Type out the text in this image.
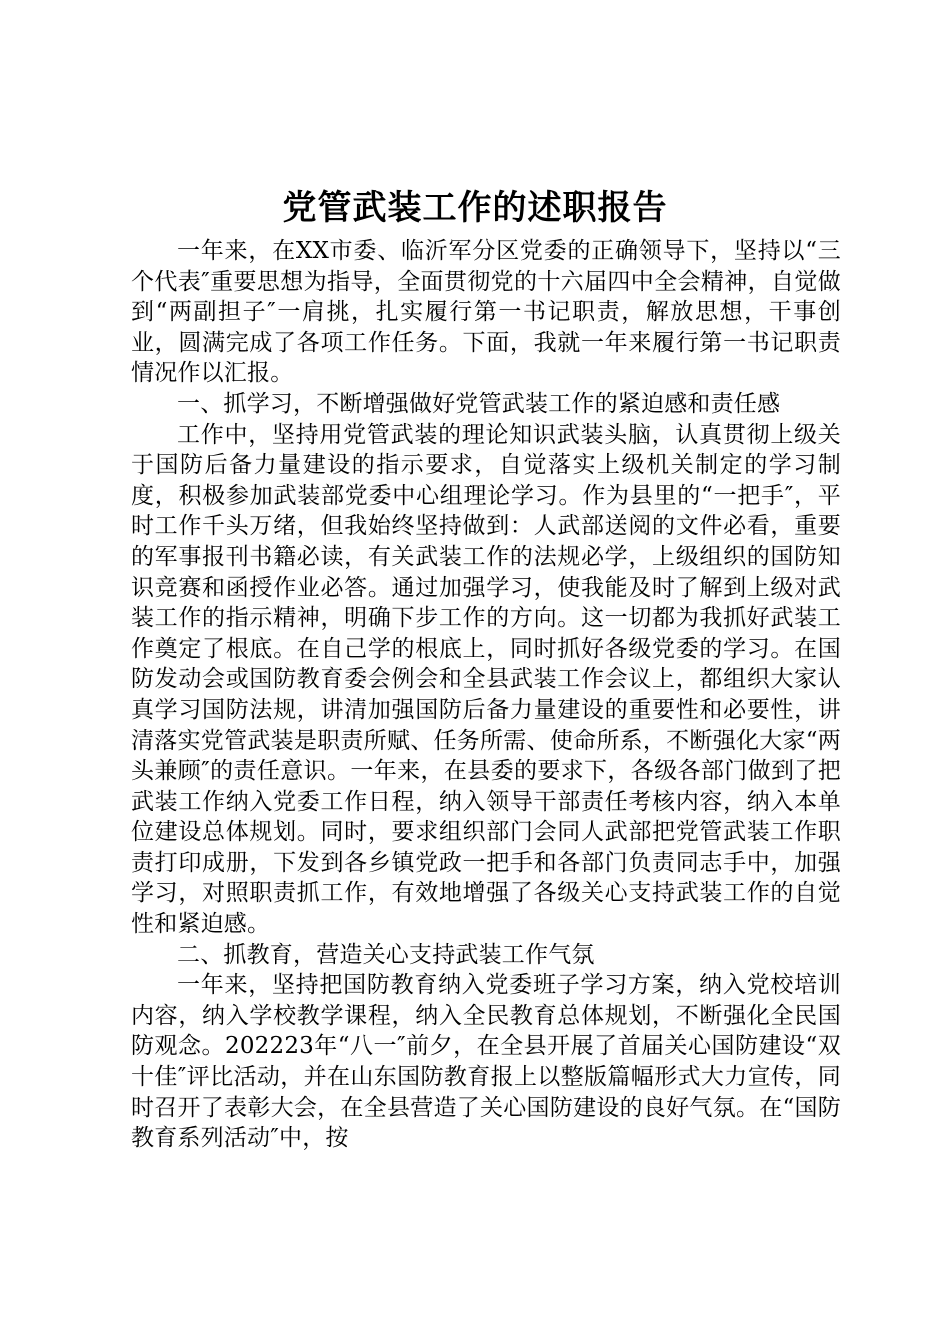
党管武装工作的述职报告

一年来，在XX市委、临沂军分区党委的正确领导下，坚持以“三个代表″重要思想为指导，全面贯彻党的十六届四中全会精神，自觉做到“两副担子″一肩挑，扎实履行第一书记职责，解放思想，干事创业，圆满完成了各项工作任务。下面，我就一年来履行第一书记职责情况作以汇报。

一、抓学习，不断增强做好党管武装工作的紧迫感和责任感

工作中，坚持用党管武装的理论知识武装头脑，认真贯彻上级关于国防后备力量建设的指示要求，自觉落实上级机关制定的学习制度，积极参加武装部党委中心组理论学习。作为县里的“一把手″，平时工作千头万绪，但我始终坚持做到：人武部送阅的文件必看，重要的军事报刊书籍必读，有关武装工作的法规必学，上级组织的国防知识竞赛和函授作业必答。通过加强学习，使我能及时了解到上级对武装工作的指示精神，明确下步工作的方向。这一切都为我抓好武装工作奠定了根底。在自己学的根底上，同时抓好各级党委的学习。在国防发动会或国防教育委会例会和全县武装工作会议上，都组织大家认真学习国防法规，讲清加强国防后备力量建设的重要性和必要性，讲清落实党管武装是职责所赋、任务所需、使命所系，不断强化大家“两头兼顾″的责任意识。一年来，在县委的要求下，各级各部门做到了把武装工作纳入党委工作日程，纳入领导干部责任考核内容，纳入本单位建设总体规划。同时，要求组织部门会同人武部把党管武装工作职责打印成册，下发到各乡镇党政一把手和各部门负责同志手中，加强学习，对照职责抓工作，有效地增强了各级关心支持武装工作的自觉性和紧迫感。

二、抓教育，营造关心支持武装工作气氛

一年来，坚持把国防教育纳入党委班子学习方案，纳入党校培训内容，纳入学校教学课程，纳入全民教育总体规划，不断强化全民国防观念。202223年“八一″前夕，在全县开展了首届关心国防建设“双十佳″评比活动，并在山东国防教育报上以整版篇幅形式大力宣传，同时召开了表彰大会，在全县营造了关心国防建设的良好气氛。在“国防教育系列活动″中，按
